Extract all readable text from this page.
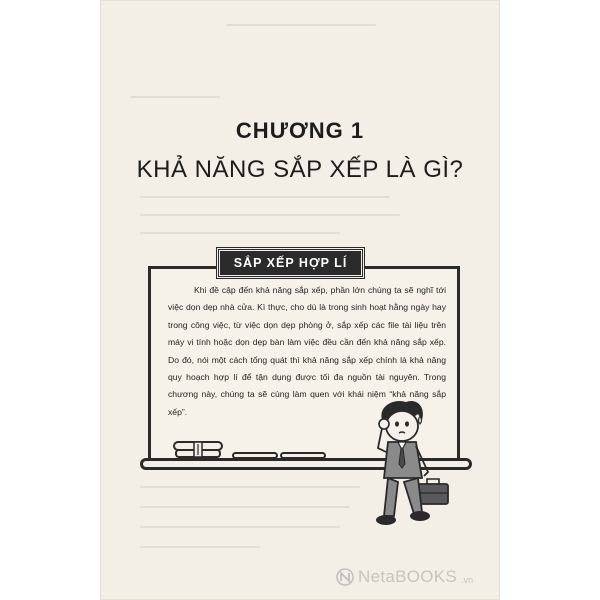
CHƯƠNG 1
KHẢ NĂNG SẮP XẾP LÀ GÌ?
SẮP XẾP HỢP LÍ
Khi đề cập đến khả năng sắp xếp, phần lớn chúng ta sẽ nghĩ tới việc dọn dẹp nhà cửa. Kì thực, cho dù là trong sinh hoạt hằng ngày hay trong công việc, từ việc dọn dẹp phòng ở, sắp xếp các file tài liệu trên máy vi tính hoặc dọn dẹp bàn làm việc đều cần đến khả năng sắp xếp. Do đó, nói một cách tổng quát thì khả năng sắp xếp chính là khả năng quy hoạch hợp lí để tận dụng được tối đa nguồn tài nguyên. Trong chương này, chúng ta sẽ cùng làm quen với khái niệm “khả năng sắp xếp”.
NetaBOOKS .vn
